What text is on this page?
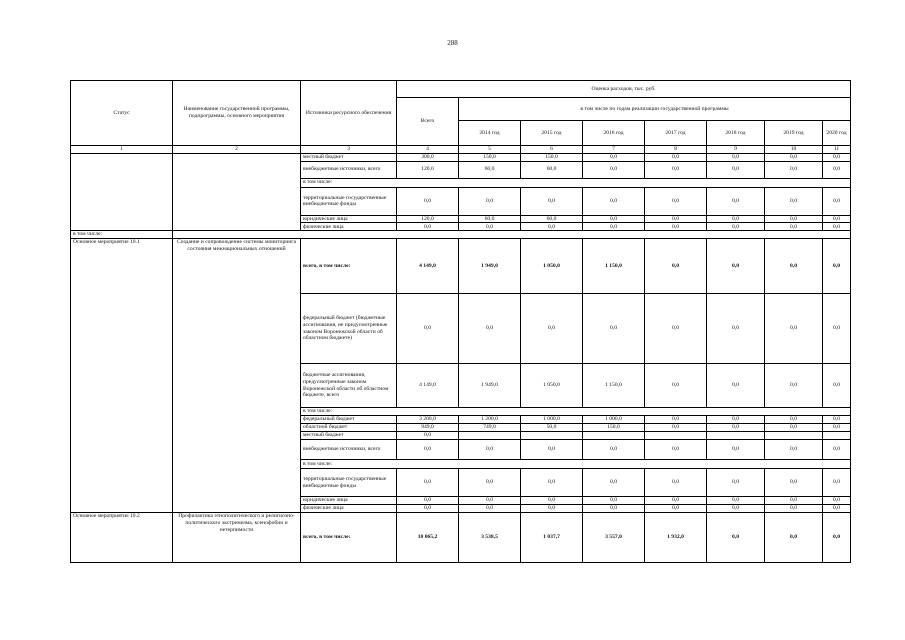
288
Статус	Наименование государственной программы, подпрограммы, основного мероприятия	Источники ресурсного обеспечения	Оценка расходов, тыс. руб.							
			Всего	в том числе по годам реализации государственной программы						
				2014 год	2015 год	2016 год	2017 год	2018 год	2019 год	2020 год
1	2	3	4	5	6	7	8	9	10	11
		местный бюджет	300,0	150,0	150,0	0,0	0,0	0,0	0,0	0,0
		внебюджетные источники, всего	120,0	60,0	60,0	0,0	0,0	0,0	0,0	0,0
		в том числе:								
		территориальные государственные внебюджетные фонды	0,0	0,0	0,0	0,0	0,0	0,0	0,0	0,0
		юридические лица	120,0	60,0	60,0	0,0	0,0	0,0	0,0	0,0
		физические лица	0,0	0,0	0,0	0,0	0,0	0,0	0,0	0,0
в том числе:										
Основное мероприятие 10.1	Создание и сопровождение системы мониторинга состояния межнациональных отношений	всего, в том числе:	4 149,0	1 949,0	1 050,0	1 150,0	0,0	0,0	0,0	0,0
		федеральный бюджет (бюджетные ассигнования, не предусмотренные законом Воронежской области об областном бюджете)	0,0	0,0	0,0	0,0	0,0	0,0	0,0	0,0
		бюджетные ассигнования, предусмотренные законом Воронежской области об областном бюджете, всего	4 149,0	1 949,0	1 050,0	1 150,0	0,0	0,0	0,0	0,0
		в том числе:								
		федеральный бюджет	3 200,0	1 200,0	1 000,0	1 000,0	0,0	0,0	0,0	0,0
		областной бюджет	949,0	749,0	50,0	150,0	0,0	0,0	0,0	0,0
		местный бюджет	0,0							
		внебюджетные источники, всего	0,0	0,0	0,0	0,0	0,0	0,0	0,0	0,0
		в том числе:								
		территориальные государственные внебюджетные фонды	0,0	0,0	0,0	0,0	0,0	0,0	0,0	0,0
		юридические лица	0,0	0,0	0,0	0,0	0,0	0,0	0,0	0,0
		физические лица	0,0	0,0	0,0	0,0	0,0	0,0	0,0	0,0
Основное мероприятие 10.2	Профилактика этнополитического и религиозно-политического экстремизма, ксенофобии и нетерпимости	всего, в том числе:	10 065,2	3 538,5	1 037,7	3 557,0	1 932,0	0,0	0,0	0,0
